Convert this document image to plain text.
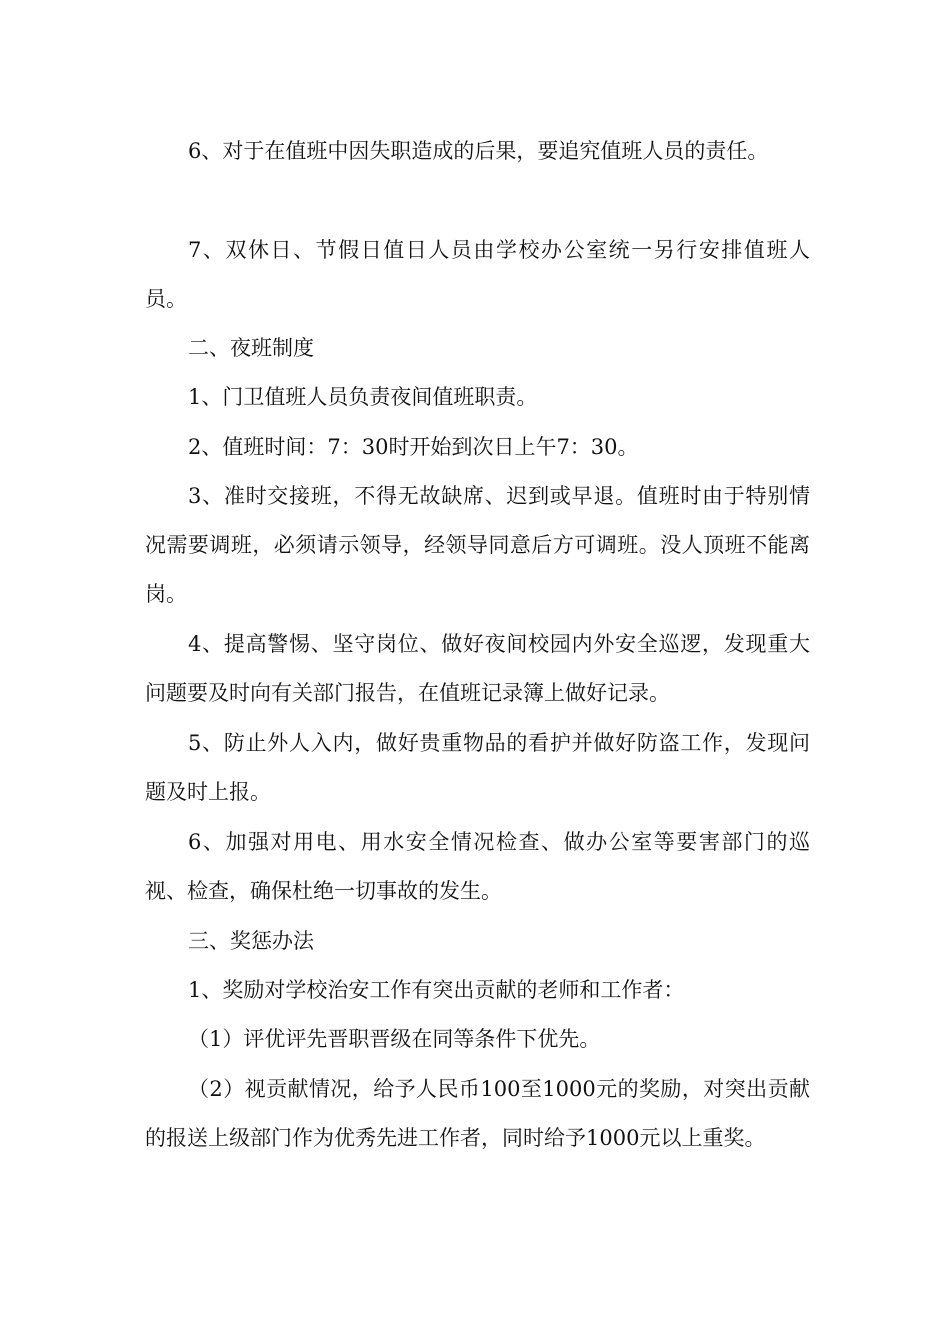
6、对于在值班中因失职造成的后果，要追究值班人员的责任。

7、双休日、节假日值日人员由学校办公室统一另行安排值班人员。

二、夜班制度

1、门卫值班人员负责夜间值班职责。

2、值班时间：7：30时开始到次日上午7：30。

3、准时交接班，不得无故缺席、迟到或早退。值班时由于特别情况需要调班，必须请示领导，经领导同意后方可调班。没人顶班不能离岗。

4、提高警惕、坚守岗位、做好夜间校园内外安全巡逻，发现重大问题要及时向有关部门报告，在值班记录簿上做好记录。

5、防止外人入内，做好贵重物品的看护并做好防盗工作，发现问题及时上报。

6、加强对用电、用水安全情况检查、做办公室等要害部门的巡视、检查，确保杜绝一切事故的发生。

三、奖惩办法

1、奖励对学校治安工作有突出贡献的老师和工作者：

（1）评优评先晋职晋级在同等条件下优先。

（2）视贡献情况，给予人民币100至1000元的奖励，对突出贡献的报送上级部门作为优秀先进工作者，同时给予1000元以上重奖。
